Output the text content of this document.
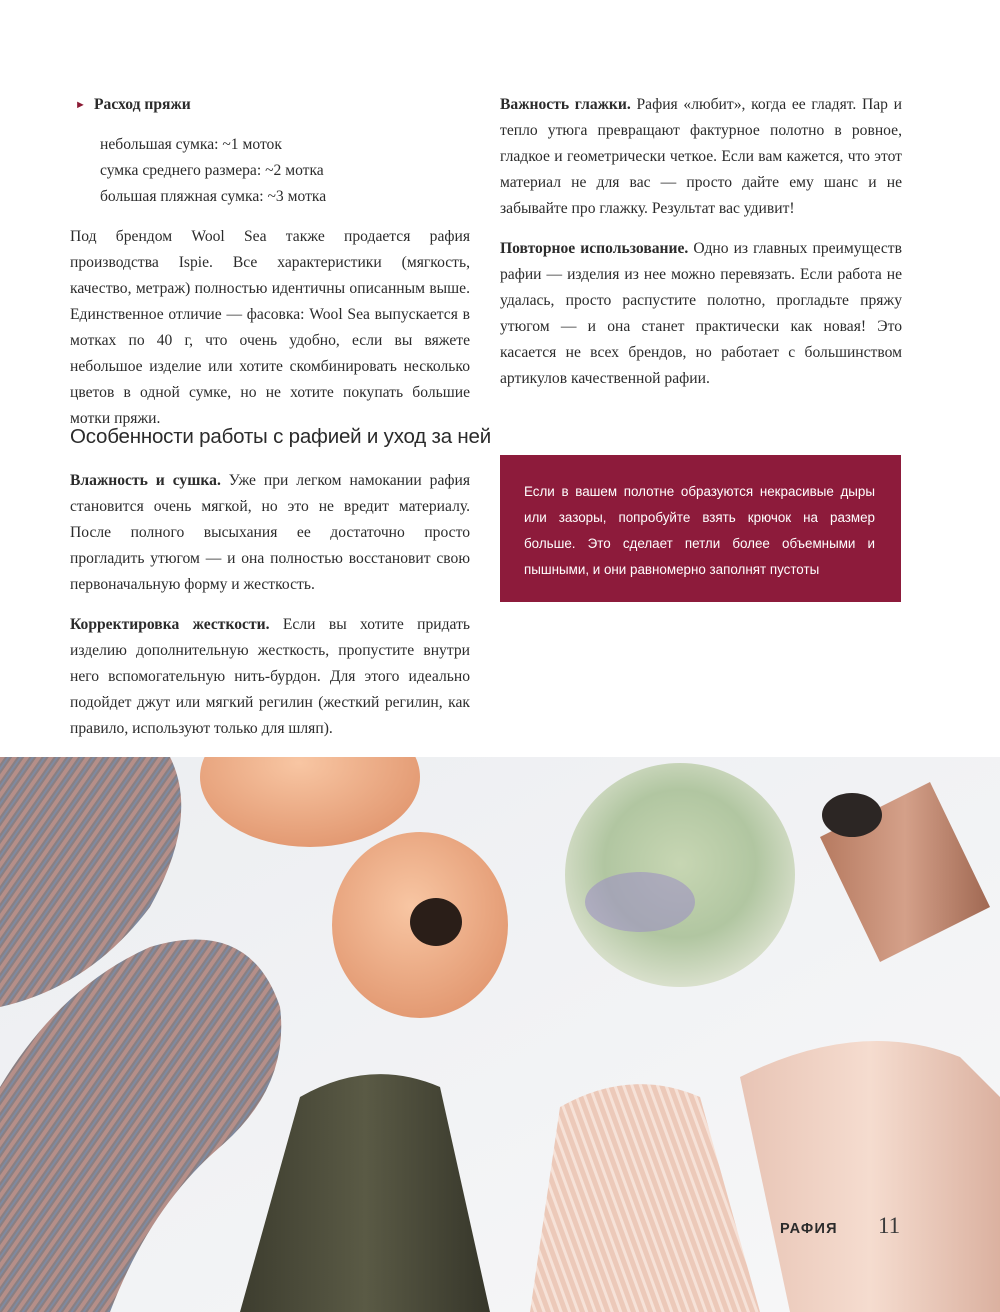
► Расход пряжи

небольшая сумка: ~1 моток
сумка среднего размера: ~2 мотка
большая пляжная сумка: ~3 мотка

Под брендом Wool Sea также продается рафия производства Ispie. Все характеристики (мягкость, качество, метраж) полностью идентичны описанным выше. Единственное отличие — фасовка: Wool Sea выпускается в мотках по 40 г, что очень удобно, если вы вяжете небольшое изделие или хотите скомбинировать несколько цветов в одной сумке, но не хотите покупать большие мотки пряжи.

Важность глажки. Рафия «любит», когда ее гладят. Пар и тепло утюга превращают фактурное полотно в ровное, гладкое и геометрически четкое. Если вам кажется, что этот материал не для вас — просто дайте ему шанс и не забывайте про глажку. Результат вас удивит!

Повторное использование. Одно из главных преимуществ рафии — изделия из нее можно перевязать. Если работа не удалась, просто распустите полотно, прогладьте пряжу утюгом — и она станет практически как новая! Это касается не всех брендов, но работает с большинством артикулов качественной рафии.

Особенности работы с рафией и уход за ней

Влажность и сушка. Уже при легком намокании рафия становится очень мягкой, но это не вредит материалу. После полного высыхания ее достаточно просто прогладить утюгом — и она полностью восстановит свою первоначальную форму и жесткость.

Корректировка жесткости. Если вы хотите придать изделию дополнительную жесткость, пропустите внутри него вспомогательную нить-бурдон. Для этого идеально подойдет джут или мягкий регилин (жесткий регилин, как правило, используют только для шляп).

Если в вашем полотне образуются некрасивые дыры или зазоры, попробуйте взять крючок на размер больше. Это сделает петли более объемными и пышными, и они равномерно заполнят пустоты

РАФИЯ 11
